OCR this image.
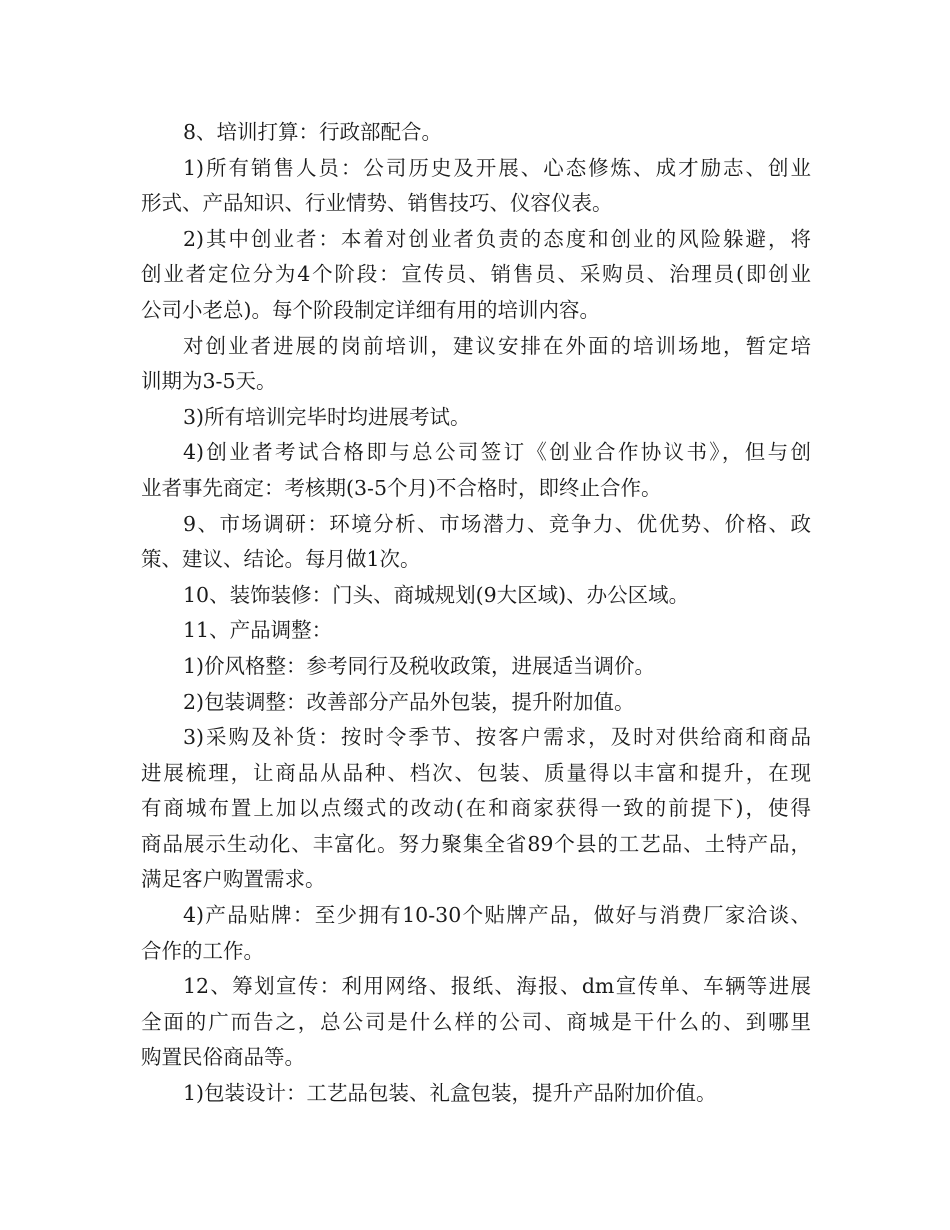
8、培训打算：行政部配合。
1)所有销售人员：公司历史及开展、心态修炼、成才励志、创业
形式、产品知识、行业情势、销售技巧、仪容仪表。
2)其中创业者：本着对创业者负责的态度和创业的风险躲避，将
创业者定位分为4个阶段：宣传员、销售员、采购员、治理员(即创业
公司小老总)。每个阶段制定详细有用的培训内容。
对创业者进展的岗前培训，建议安排在外面的培训场地，暂定培
训期为3-5天。
3)所有培训完毕时均进展考试。
4)创业者考试合格即与总公司签订《创业合作协议书》，但与创
业者事先商定：考核期(3-5个月)不合格时，即终止合作。
9、市场调研：环境分析、市场潜力、竞争力、优优势、价格、政
策、建议、结论。每月做1次。
10、装饰装修：门头、商城规划(9大区域)、办公区域。
11、产品调整：
1)价风格整：参考同行及税收政策，进展适当调价。
2)包装调整：改善部分产品外包装，提升附加值。
3)采购及补货：按时令季节、按客户需求，及时对供给商和商品
进展梳理，让商品从品种、档次、包装、质量得以丰富和提升，在现
有商城布置上加以点缀式的改动(在和商家获得一致的前提下)，使得
商品展示生动化、丰富化。努力聚集全省89个县的工艺品、土特产品，
满足客户购置需求。
4)产品贴牌：至少拥有10-30个贴牌产品，做好与消费厂家洽谈、
合作的工作。
12、筹划宣传：利用网络、报纸、海报、dm宣传单、车辆等进展
全面的广而告之，总公司是什么样的公司、商城是干什么的、到哪里
购置民俗商品等。
1)包装设计：工艺品包装、礼盒包装，提升产品附加价值。
